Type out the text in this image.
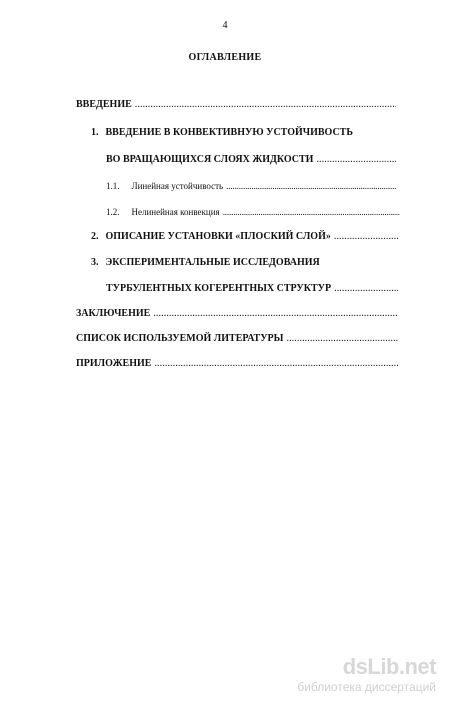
4
ОГЛАВЛЕНИЕ
ВВЕДЕНИЕ
. . .
1. ВВЕДЕНИЕ В КОНВЕКТИВНУЮ УСТОЙЧИВОСТЬ
ВО ВРАЩАЮЩИХСЯ СЛОЯХ ЖИДКОСТИ
. . .
1.1. Линейная устойчивость
. . .
1.2. Нелинейная конвекция
. . .
2. ОПИСАНИЕ УСТАНОВКИ «ПЛОСКИЙ СЛОЙ»
. . .
3. ЭКСПЕРИМЕНТАЛЬНЫЕ ИССЛЕДОВАНИЯ
ТУРБУЛЕНТНЫХ КОГЕРЕНТНЫХ СТРУКТУР
. . .
ЗАКЛЮЧЕНИЕ
. . .
СПИСОК ИСПОЛЬЗУЕМОЙ ЛИТЕРАТУРЫ
. . .
ПРИЛОЖЕНИЕ
. . .
dsLib.net
библиотека диссертаций
